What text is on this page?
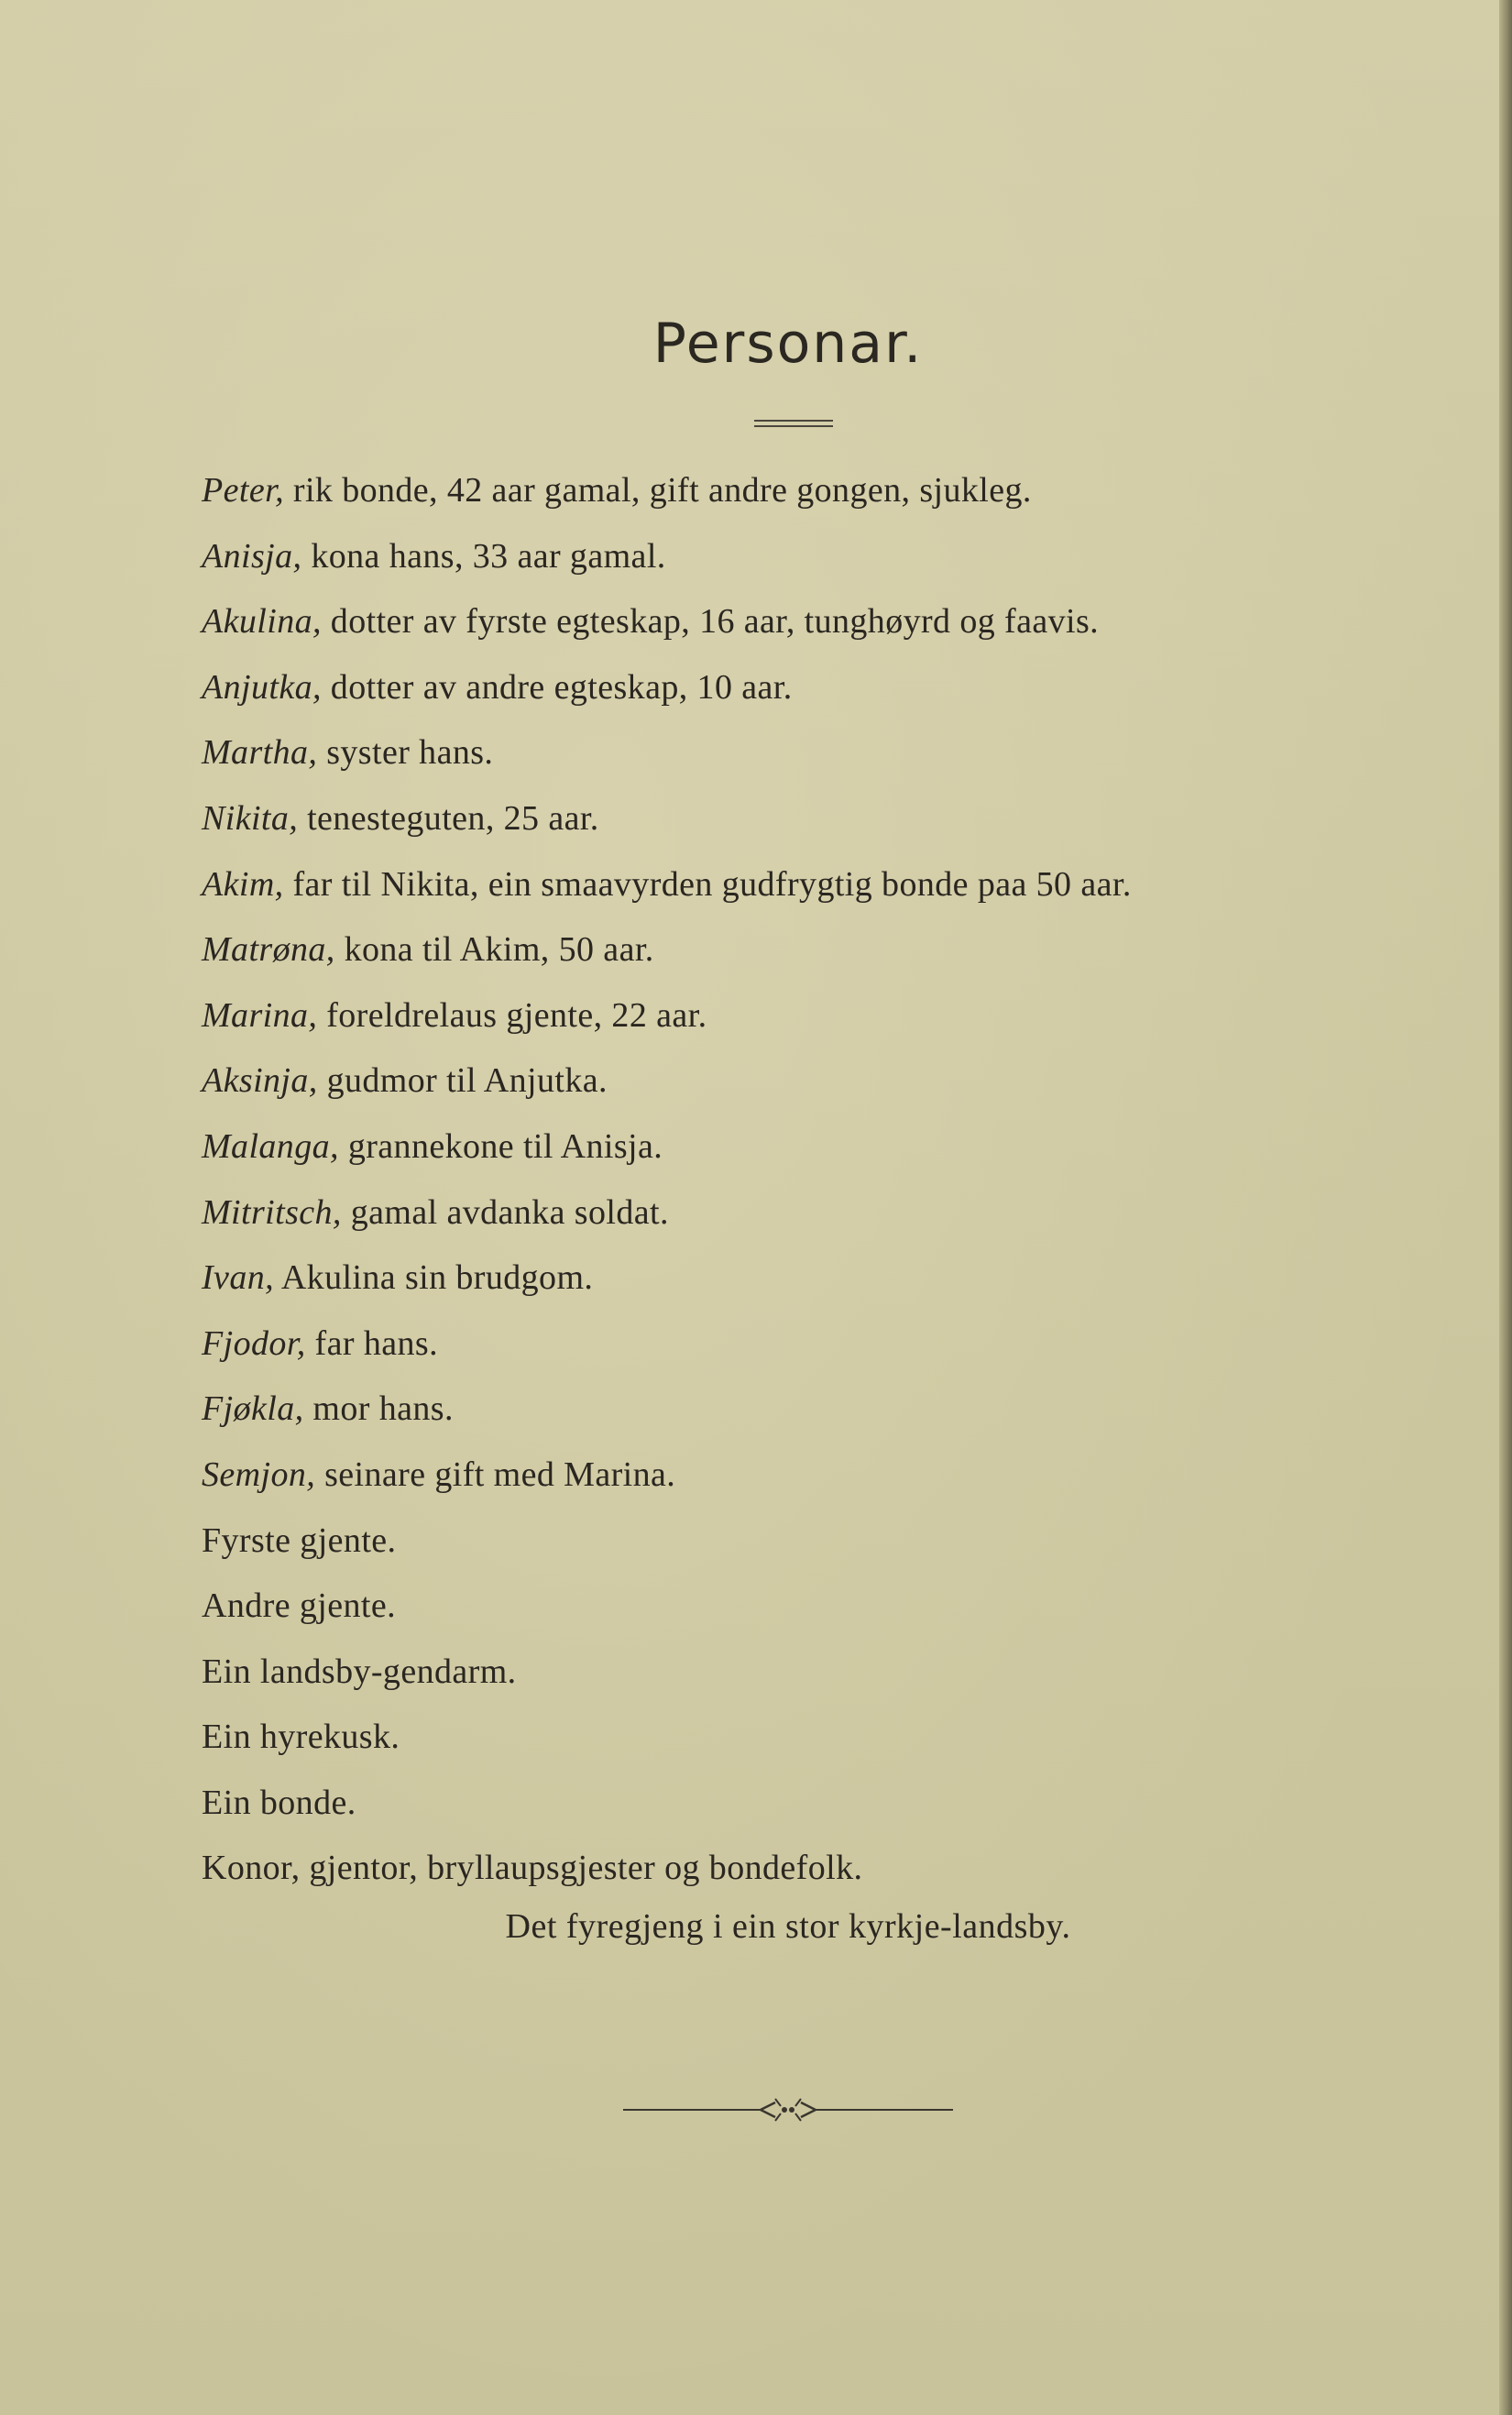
Personar.
Peter, rik bonde, 42 aar gamal, gift andre gongen, sjukleg.
Anisja, kona hans, 33 aar gamal.
Akulina, dotter av fyrste egteskap, 16 aar, tunghøyrd og faavis.
Anjutka, dotter av andre egteskap, 10 aar.
Martha, syster hans.
Nikita, tenesteguten, 25 aar.
Akim, far til Nikita, ein smaavyrden gudfrygtig bonde paa 50 aar.
Matrøna, kona til Akim, 50 aar.
Marina, foreldrelaus gjente, 22 aar.
Aksinja, gudmor til Anjutka.
Malanga, grannekone til Anisja.
Mitritsch, gamal avdanka soldat.
Ivan, Akulina sin brudgom.
Fjodor, far hans.
Fjøkla, mor hans.
Semjon, seinare gift med Marina.
Fyrste gjente.
Andre gjente.
Ein landsby-gendarm.
Ein hyrekusk.
Ein bonde.
Konor, gjentor, bryllaupsgjester og bondefolk.
Det fyregjeng i ein stor kyrkje-landsby.
